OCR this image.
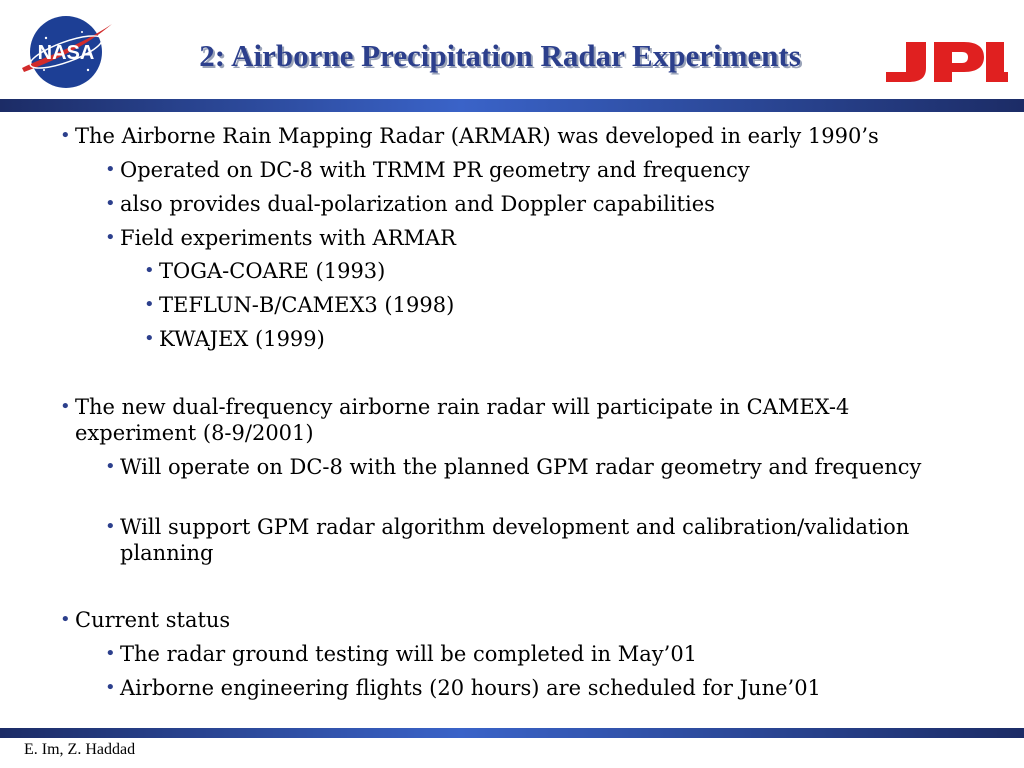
NASA	2: Airborne Precipitation Radar Experiments

• The Airborne Rain Mapping Radar (ARMAR) was developed in early 1990’s

• Operated on DC-8 with TRMM PR geometry and frequency

• also provides dual-polarization and Doppler capabilities

• Field experiments with ARMAR

• TOGA-COARE (1993)

• TEFLUN-B/CAMEX3 (1998)

• KWAJEX (1999)

• The new dual-frequency airborne rain radar will participate in CAMEX-4 experiment (8-9/2001)

• Will operate on DC-8 with the planned GPM radar geometry and frequency

• Will support GPM radar algorithm development and calibration/validation planning

• Current status

• The radar ground testing will be completed in May’01

• Airborne engineering flights (20 hours) are scheduled for June’01

E. Im, Z. Haddad
